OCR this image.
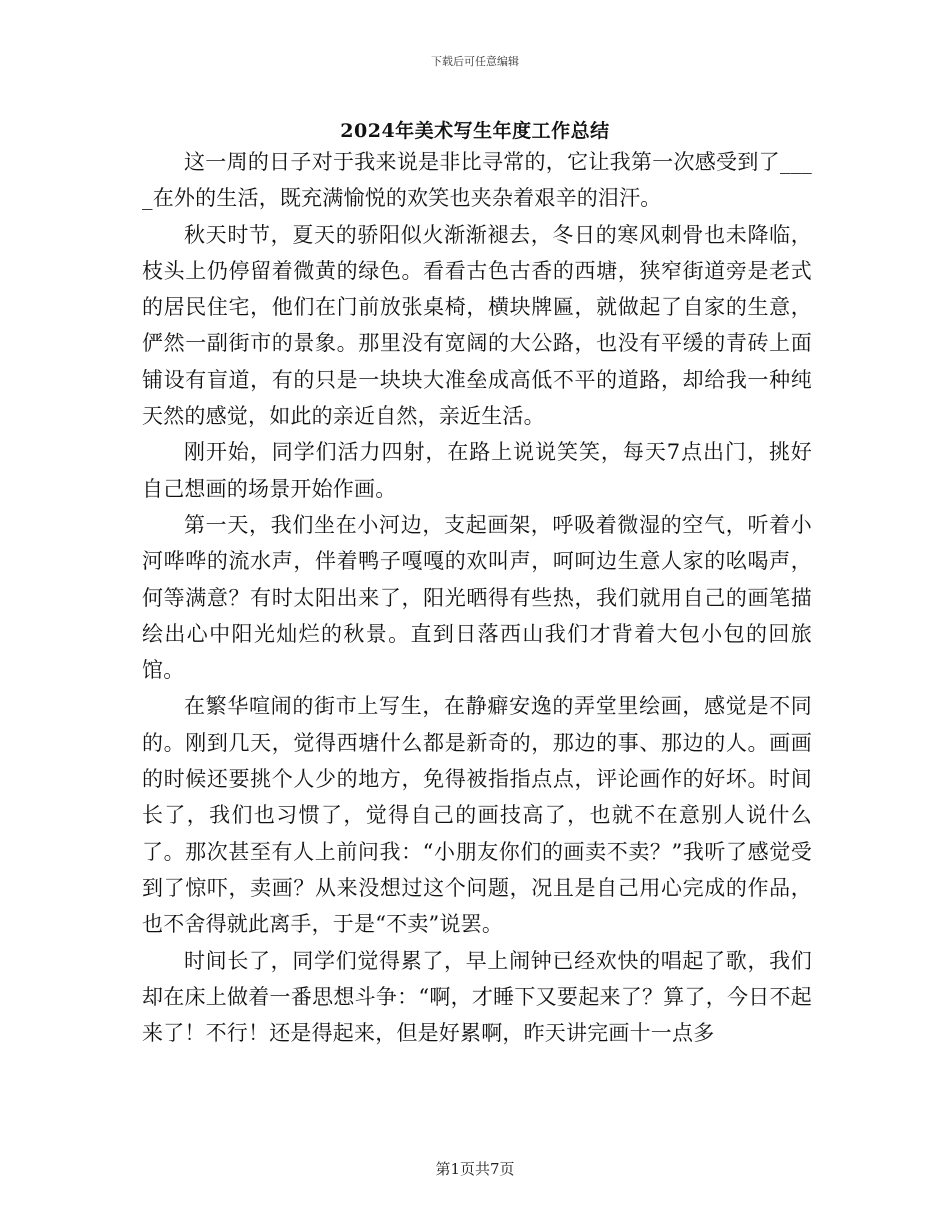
下载后可任意编辑
2024年美术写生年度工作总结

这一周的日子对于我来说是非比寻常的，它让我第一次感受到了____在外的生活，既充满愉悦的欢笑也夹杂着艰辛的泪汗。

秋天时节，夏天的骄阳似火渐渐褪去，冬日的寒风刺骨也未降临，枝头上仍停留着微黄的绿色。看看古色古香的西塘，狭窄街道旁是老式的居民住宅，他们在门前放张桌椅，横块牌匾，就做起了自家的生意，俨然一副街市的景象。那里没有宽阔的大公路，也没有平缓的青砖上面铺设有盲道，有的只是一块块大准垒成高低不平的道路，却给我一种纯天然的感觉，如此的亲近自然，亲近生活。

刚开始，同学们活力四射，在路上说说笑笑，每天7点出门，挑好自己想画的场景开始作画。

第一天，我们坐在小河边，支起画架，呼吸着微湿的空气，听着小河哗哗的流水声，伴着鸭子嘎嘎的欢叫声，呵呵边生意人家的吆喝声，何等满意？有时太阳出来了，阳光晒得有些热，我们就用自己的画笔描绘出心中阳光灿烂的秋景。直到日落西山我们才背着大包小包的回旅馆。

在繁华喧闹的街市上写生，在静癖安逸的弄堂里绘画，感觉是不同的。刚到几天，觉得西塘什么都是新奇的，那边的事、那边的人。画画的时候还要挑个人少的地方，免得被指指点点，评论画作的好坏。时间长了，我们也习惯了，觉得自己的画技高了，也就不在意别人说什么了。那次甚至有人上前问我：“小朋友你们的画卖不卖？”我听了感觉受到了惊吓，卖画？从来没想过这个问题，况且是自己用心完成的作品，也不舍得就此离手，于是“不卖”说罢。

时间长了，同学们觉得累了，早上闹钟已经欢快的唱起了歌，我们却在床上做着一番思想斗争：“啊，才睡下又要起来了？算了，今日不起来了！不行！还是得起来，但是好累啊，昨天讲完画十一点多

第1页共7页
